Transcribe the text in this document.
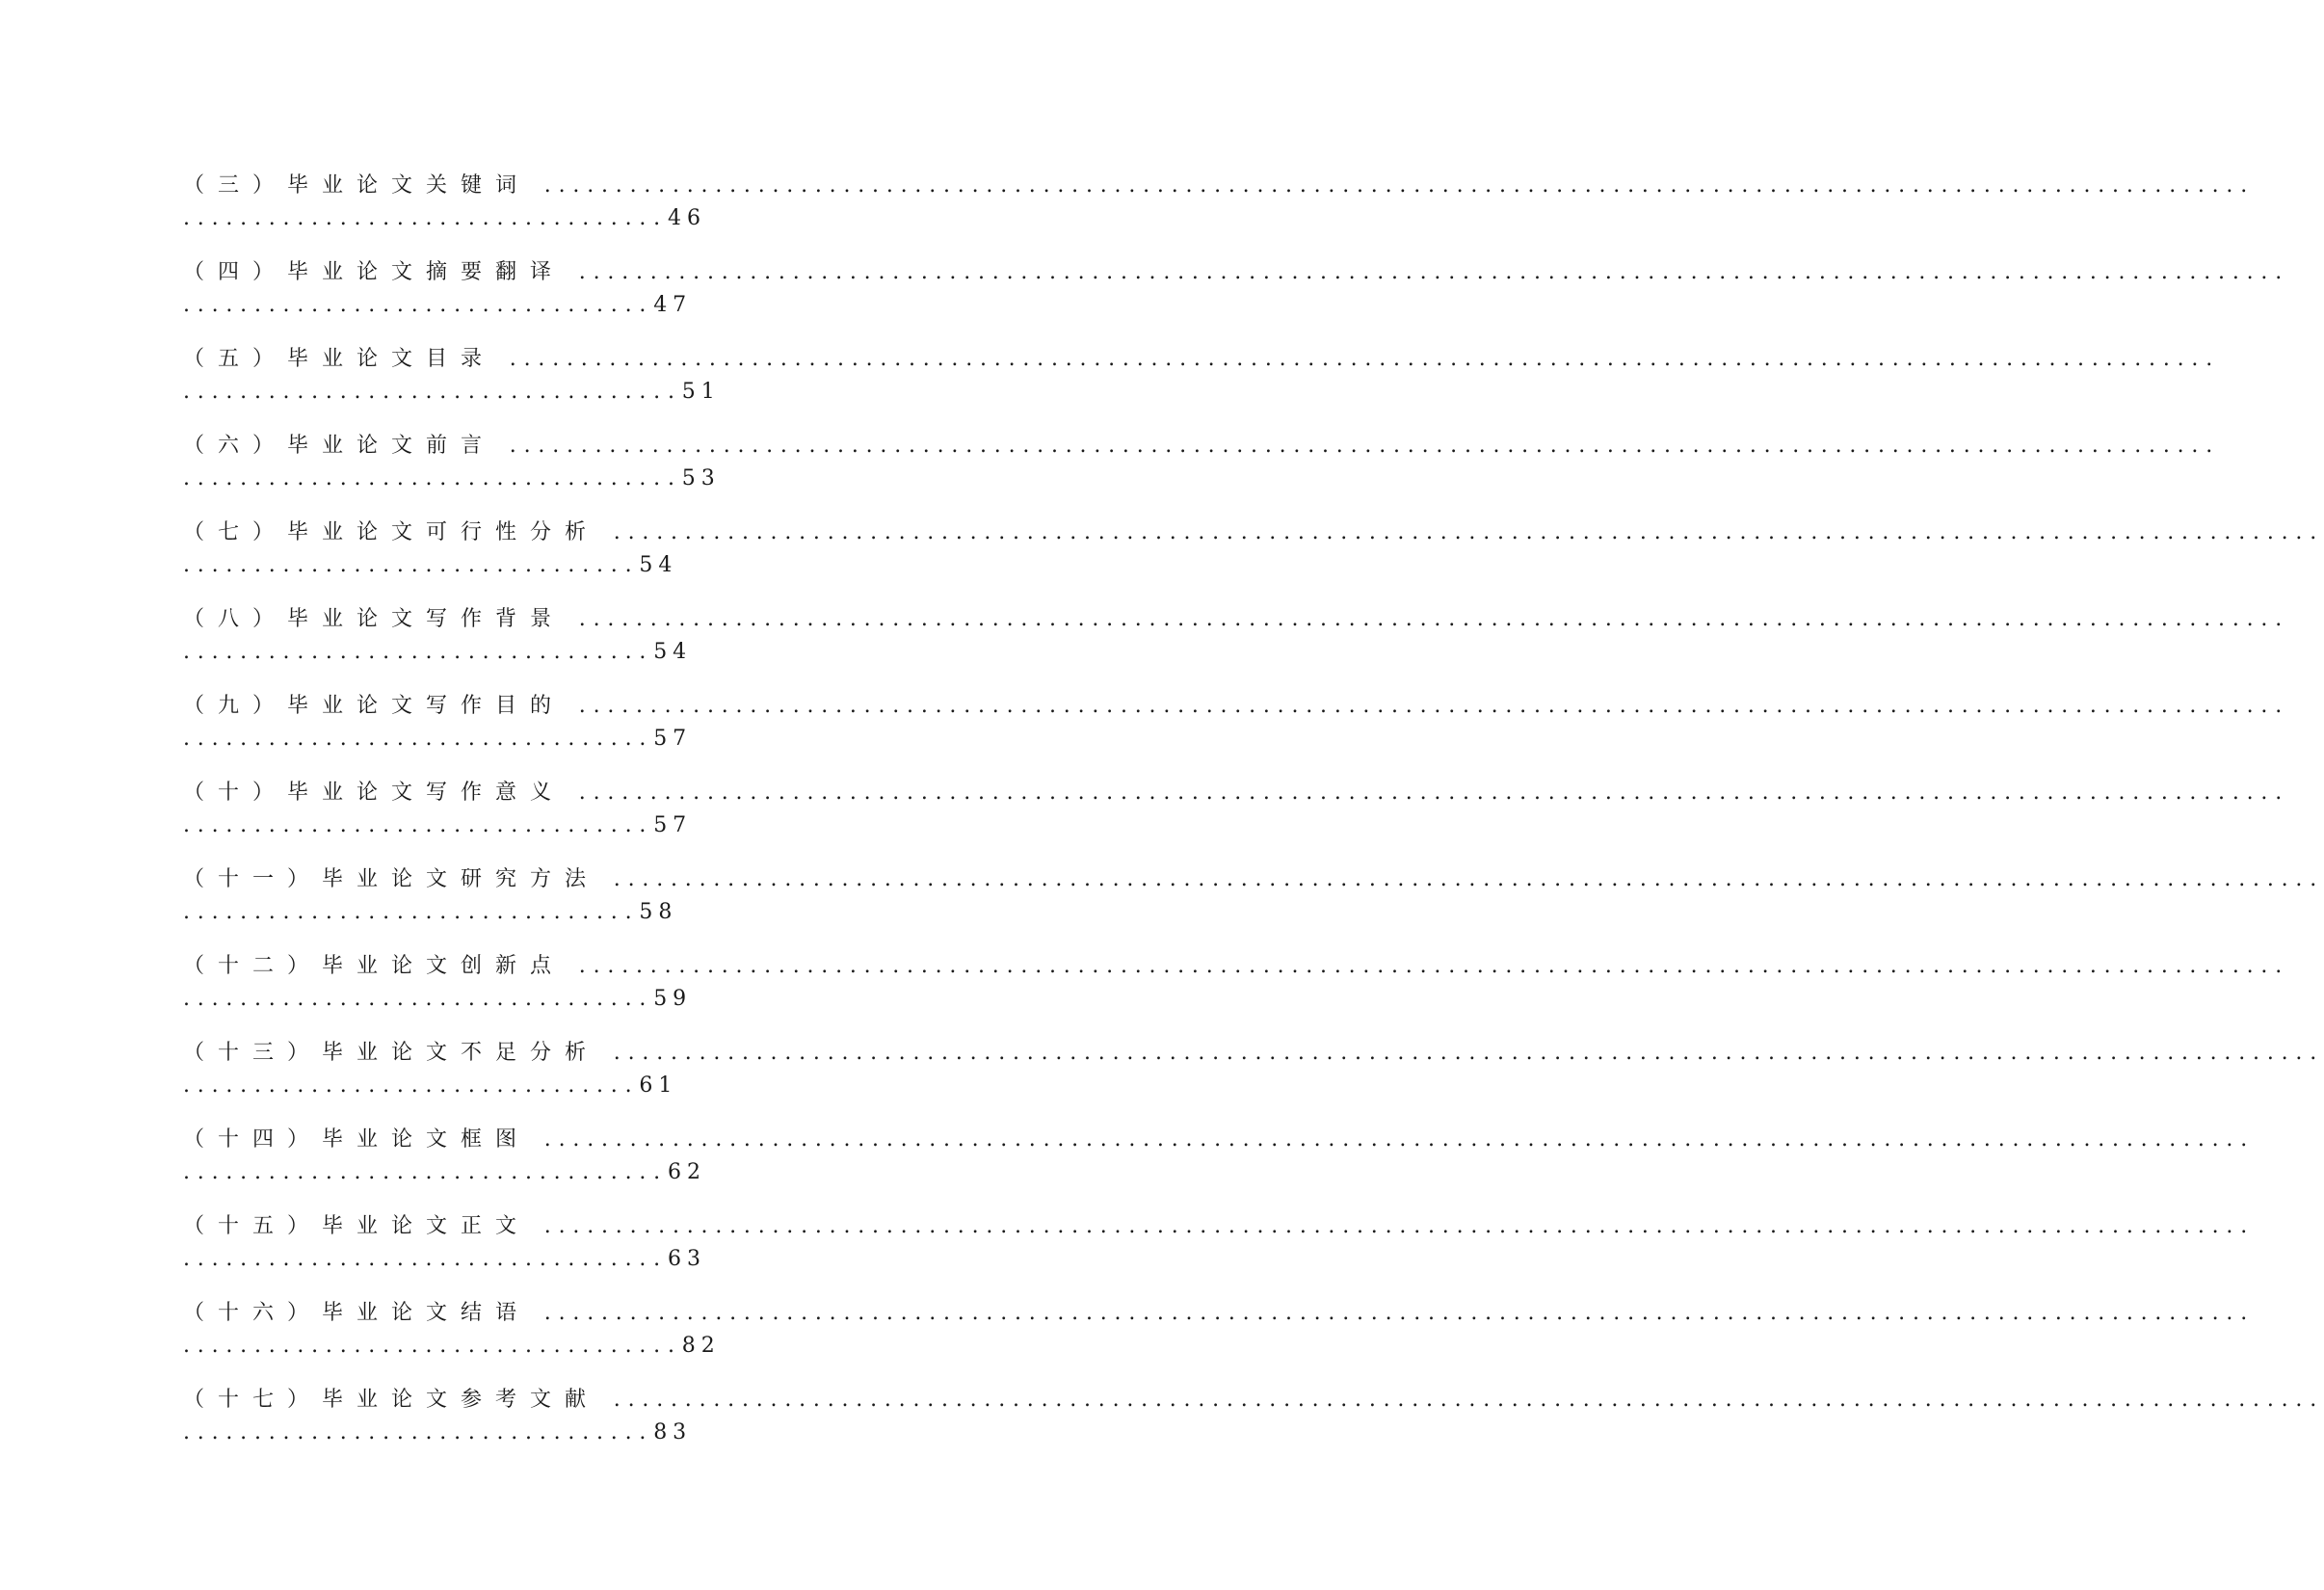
（三）毕业论文关键词 ........................................................................................................................
..................................46
（四）毕业论文摘要翻译 ........................................................................................................................
.................................47
（五）毕业论文目录 ........................................................................................................................
...................................51
（六）毕业论文前言 ........................................................................................................................
...................................53
（七）毕业论文可行性分析 ........................................................................................................................
................................54
（八）毕业论文写作背景 ........................................................................................................................
.................................54
（九）毕业论文写作目的 ........................................................................................................................
.................................57
（十）毕业论文写作意义 ........................................................................................................................
.................................57
（十一）毕业论文研究方法 ........................................................................................................................
................................58
（十二）毕业论文创新点 ........................................................................................................................
.................................59
（十三）毕业论文不足分析 ........................................................................................................................
................................61
（十四）毕业论文框图 ........................................................................................................................
..................................62
（十五）毕业论文正文 ........................................................................................................................
..................................63
（十六）毕业论文结语 ........................................................................................................................
...................................82
（十七）毕业论文参考文献 ........................................................................................................................
.................................83
